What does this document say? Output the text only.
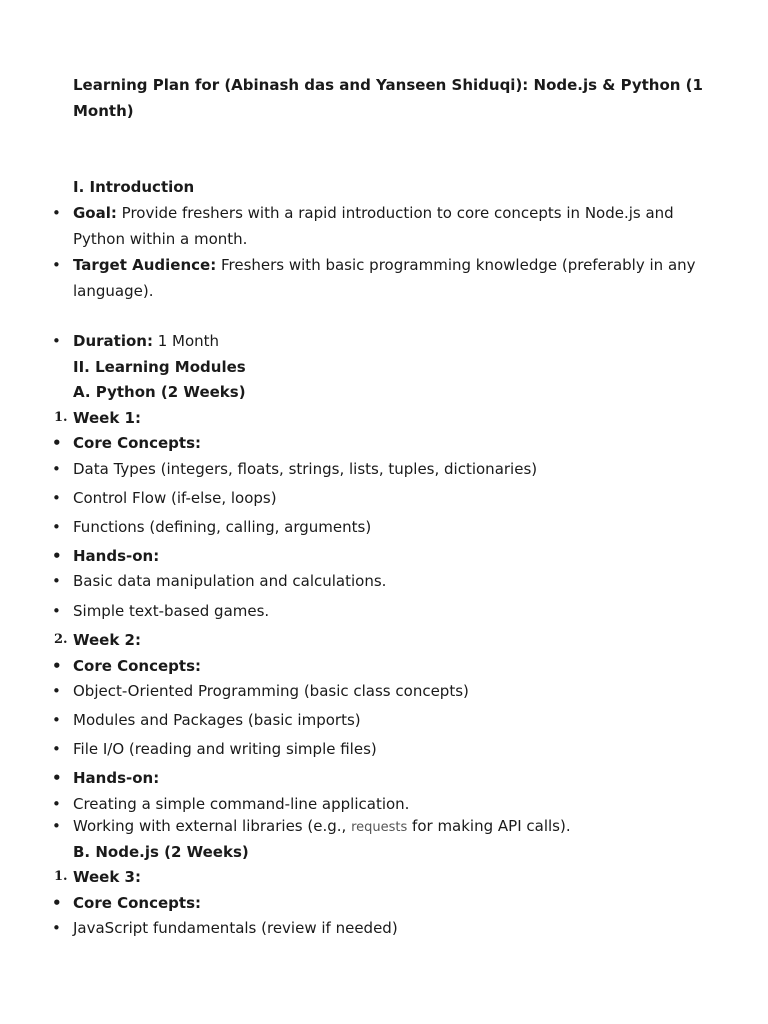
Learning Plan for (Abinash das and Yanseen Shiduqi): Node.js & Python (1 Month)
I. Introduction
• Goal: Provide freshers with a rapid introduction to core concepts in Node.js and Python within a month.
• Target Audience: Freshers with basic programming knowledge (preferably in any language).
• Duration: 1 Month
II. Learning Modules
A. Python (2 Weeks)
1. Week 1:
• Core Concepts:
• Data Types (integers, floats, strings, lists, tuples, dictionaries)
• Control Flow (if-else, loops)
• Functions (defining, calling, arguments)
• Hands-on:
• Basic data manipulation and calculations.
• Simple text-based games.
2. Week 2:
• Core Concepts:
• Object-Oriented Programming (basic class concepts)
• Modules and Packages (basic imports)
• File I/O (reading and writing simple files)
• Hands-on:
• Creating a simple command-line application.
• Working with external libraries (e.g., requests for making API calls).
B. Node.js (2 Weeks)
1. Week 3:
• Core Concepts:
• JavaScript fundamentals (review if needed)
